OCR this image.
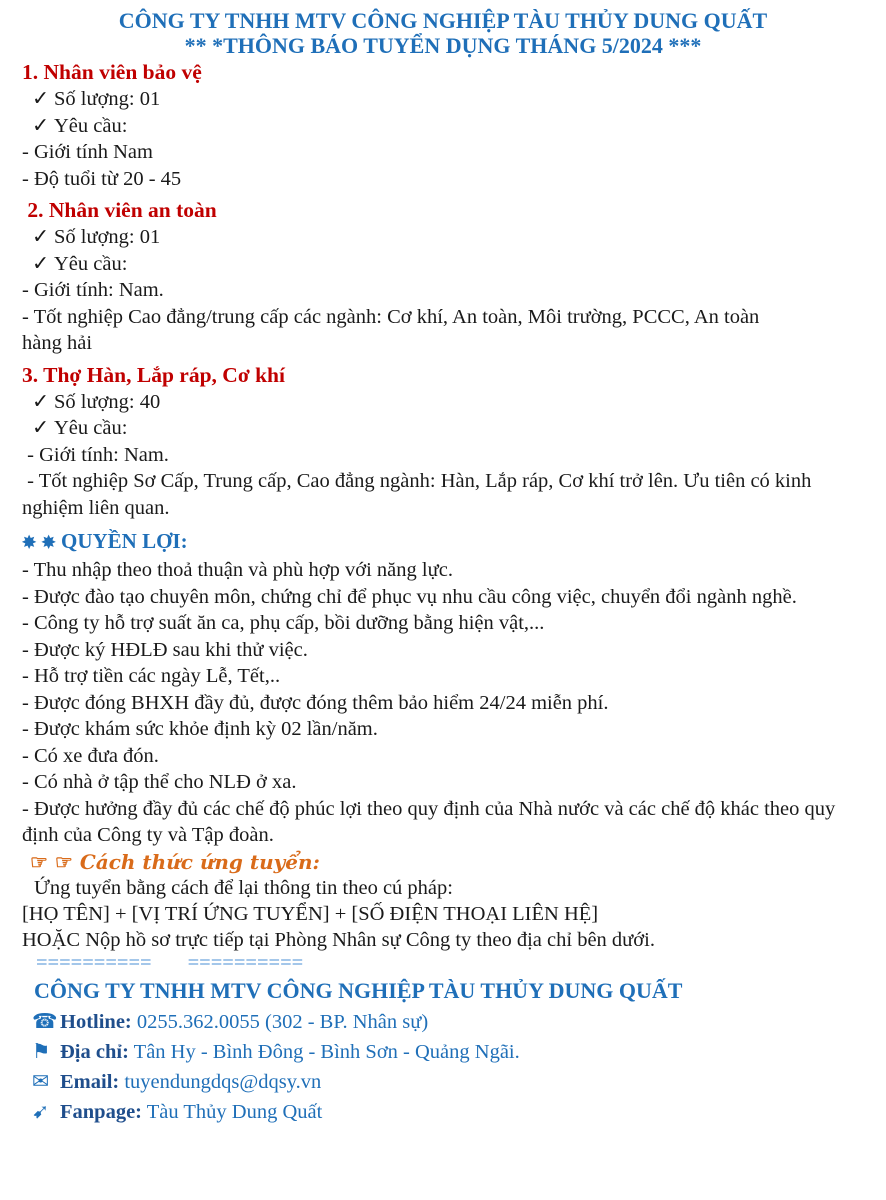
CÔNG TY TNHH MTV CÔNG NGHIỆP TÀU THỦY DUNG QUẤT
** *THÔNG BÁO TUYỂN DỤNG THÁNG 5/2024 ***
1. Nhân viên bảo vệ
✓ Số lượng: 01
✓ Yêu cầu:
- Giới tính Nam
- Độ tuổi từ 20 - 45
2. Nhân viên an toàn
✓ Số lượng: 01
✓ Yêu cầu:
- Giới tính: Nam.
- Tốt nghiệp Cao đẳng/trung cấp các ngành: Cơ khí, An toàn, Môi trường, PCCC, An toàn hàng hải
3. Thợ Hàn, Lắp ráp, Cơ khí
✓ Số lượng: 40
✓ Yêu cầu:
- Giới tính: Nam.
- Tốt nghiệp Sơ Cấp, Trung cấp, Cao đẳng ngành: Hàn, Lắp ráp, Cơ khí trở lên. Ưu tiên có kinh nghiệm liên quan.
✸ ✸ QUYỀN LỢI:
- Thu nhập theo thoả thuận và phù hợp với năng lực.
- Được đào tạo chuyên môn, chứng chỉ để phục vụ nhu cầu công việc, chuyển đổi ngành nghề.
- Công ty hỗ trợ suất ăn ca, phụ cấp, bồi dưỡng bằng hiện vật,...
- Được ký HĐLĐ sau khi thử việc.
- Hỗ trợ tiền các ngày Lễ, Tết,..
- Được đóng BHXH đầy đủ, được đóng thêm bảo hiểm 24/24 miễn phí.
- Được khám sức khỏe định kỳ 02 lần/năm.
- Có xe đưa đón.
- Có nhà ở tập thể cho NLĐ ở xa.
- Được hưởng đầy đủ các chế độ phúc lợi theo quy định của Nhà nước và các chế độ khác theo quy định của Công ty và Tập đoàn.
☞ ☞ Cách thức ứng tuyển:
Ứng tuyển bằng cách để lại thông tin theo cú pháp:
[HỌ TÊN] + [VỊ TRÍ ỨNG TUYỂN] + [SỐ ĐIỆN THOẠI LIÊN HỆ]
HOẶC Nộp hồ sơ trực tiếp tại Phòng Nhân sự Công ty theo địa chỉ bên dưới.
========== ==========
CÔNG TY TNHH MTV CÔNG NGHIỆP TÀU THỦY DUNG QUẤT
☎ Hotline: 0255.362.0055 (302 - BP. Nhân sự)
⚑ Địa chỉ: Tân Hy - Bình Đông - Bình Sơn - Quảng Ngãi.
✉ Email: tuyendungdqs@dqsy.vn
➹ Fanpage: Tàu Thủy Dung Quất
